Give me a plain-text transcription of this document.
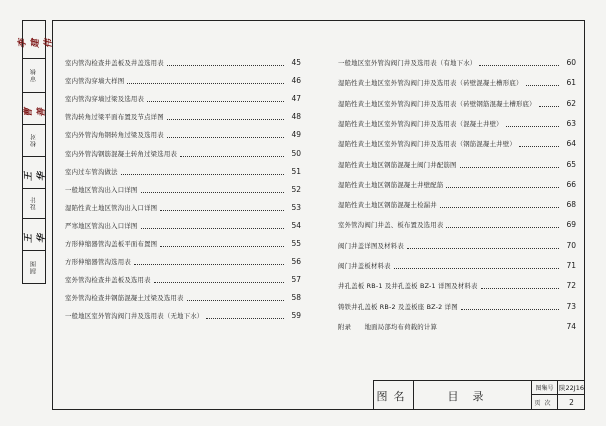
李建伟
审核
曹善
校对
王华
设计
王华
制图
室内管沟检查井盖板及井盖选用表	45
室内管沟穿墙大样图	46
室内管沟穿墙过梁及选用表	47
管沟转角过梁平面布置及节点详图	48
室内外管沟角钢转角过梁及选用表	49
室内外管沟钢筋混凝土转角过梁选用表	50
室内过车管沟做法	51
一般地区管沟出入口详图	52
湿陷性黄土地区管沟出入口详图	53
严寒地区管沟出入口详图	54
方形伸缩器管沟盖板平面布置图	55
方形伸缩器管沟选用表	56
室外管沟检查井盖板及选用表	57
室外管沟检查井钢筋混凝土过梁及选用表	58
一般地区室外管沟阀门井及选用表（无地下水）	59
一般地区室外管沟阀门井及选用表（有地下水）	60
湿陷性黄土地区室外管沟阀门井及选用表（砖壁混凝土槽形底）	61
湿陷性黄土地区室外管沟阀门井及选用表（砖壁钢筋混凝土槽形底）	62
湿陷性黄土地区室外管沟阀门井及选用表（混凝土井壁）	63
湿陷性黄土地区室外管沟阀门井及选用表（钢筋混凝土井壁）	64
湿陷性黄土地区钢筋混凝土阀门井配筋图	65
湿陷性黄土地区钢筋混凝土井壁配筋	66
湿陷性黄土地区钢筋混凝土检漏井	68
室外管沟阀门井盖、板布置及选用表	69
阀门井盖详图及材料表	70
阀门井盖板材料表	71
井孔盖板 RB-1 及井孔盖板 BZ-1 详图及材料表	72
铸铁井孔盖板 RB-2 及盖板座 BZ-2 详图	73
附录      地面局部均布荷载的计算	74
图名	目录
图集号 陕22J16
页次	2
